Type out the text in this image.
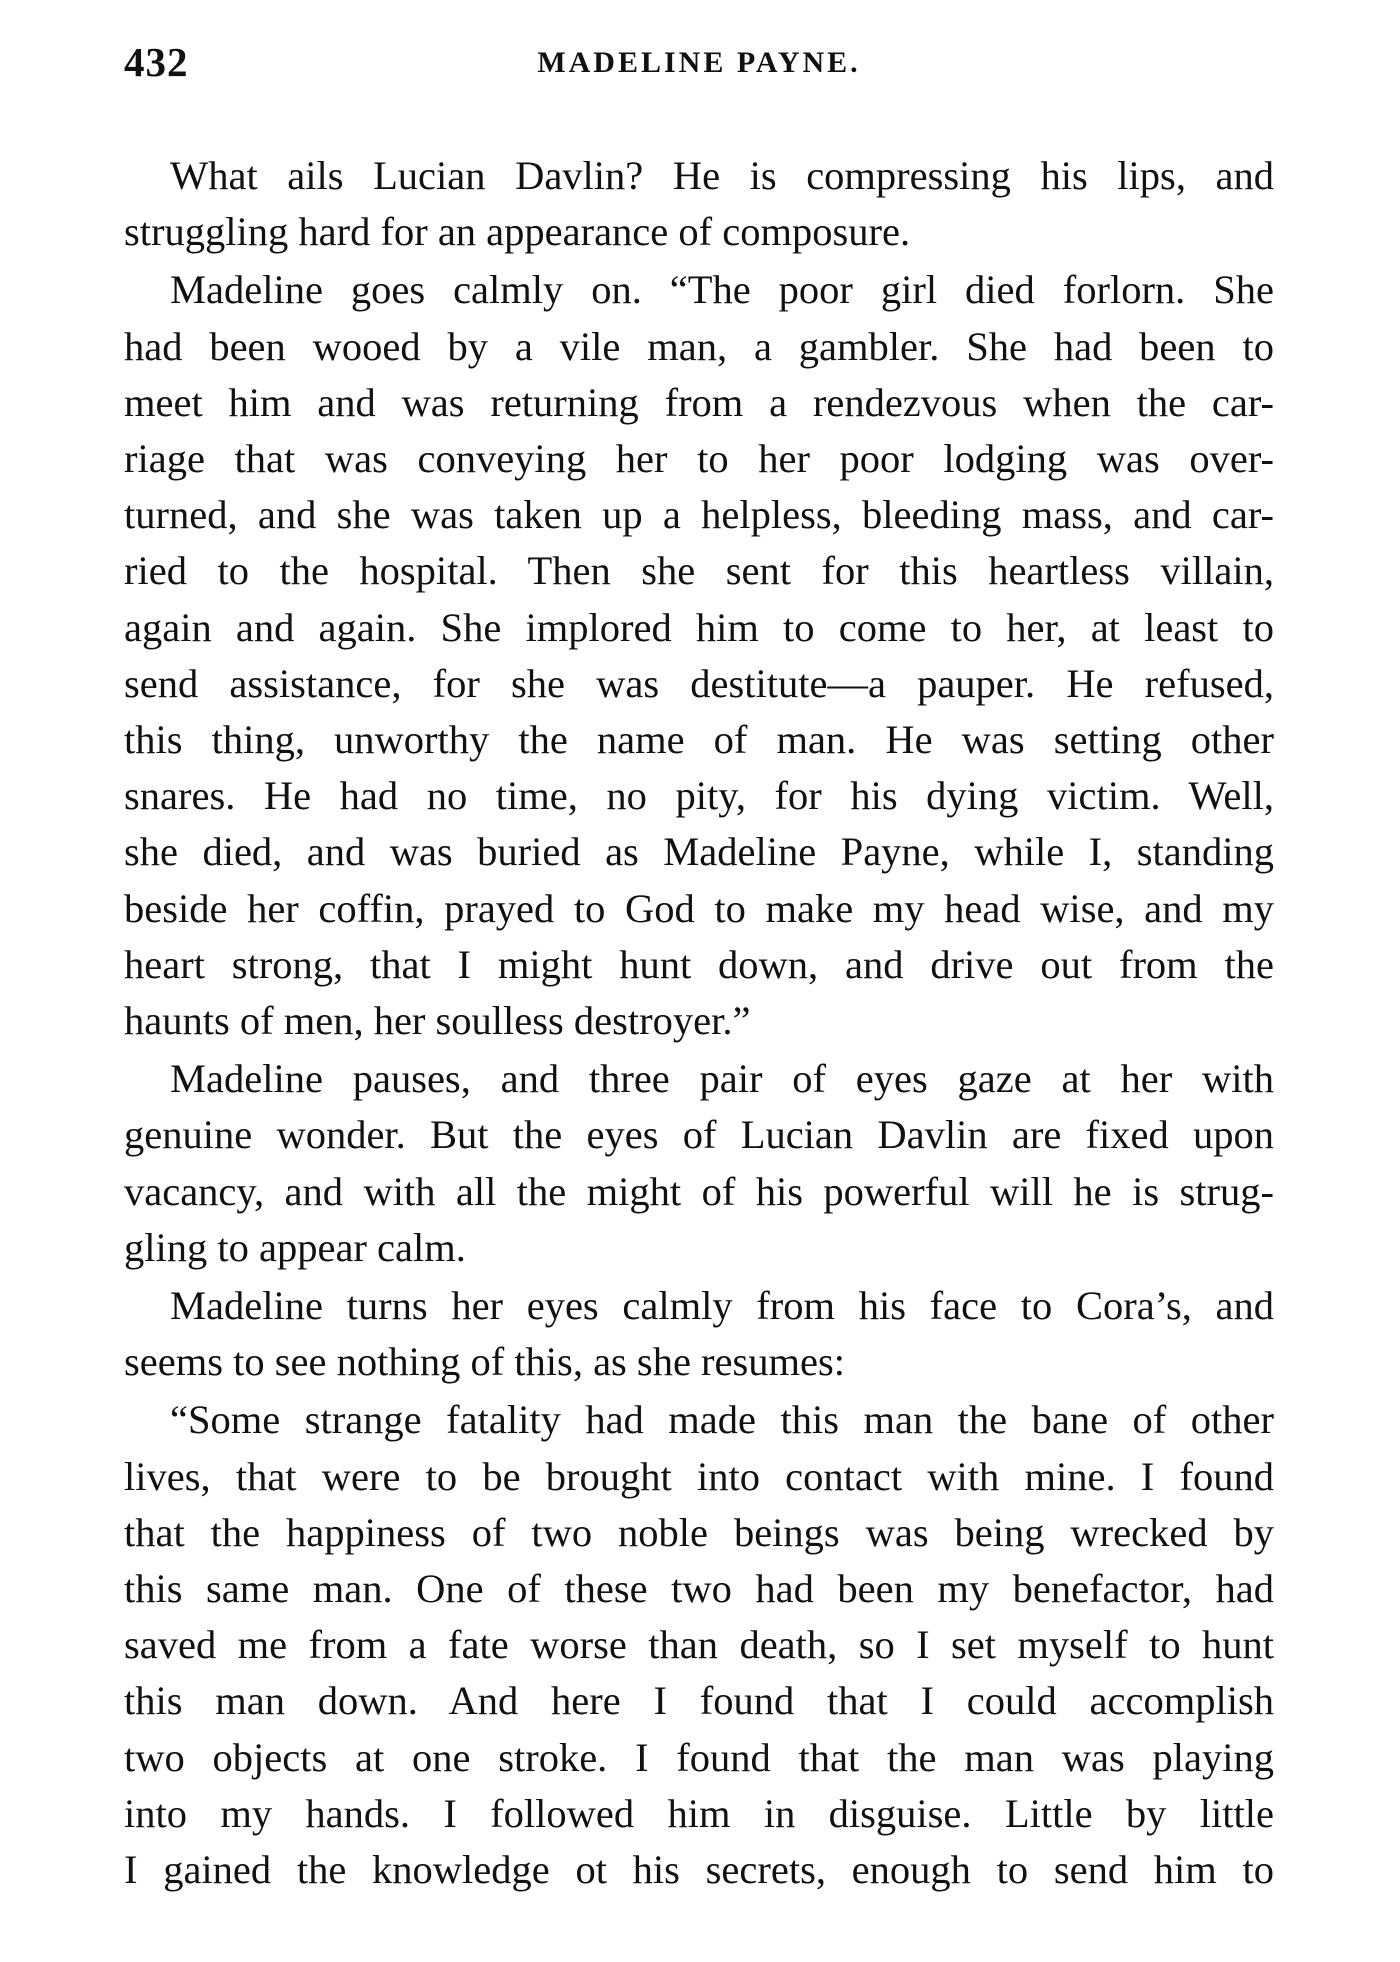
432	MADELINE PAYNE.
What ails Lucian Davlin? He is compressing his lips, and
struggling hard for an appearance of composure.
Madeline goes calmly on. “The poor girl died forlorn. She
had been wooed by a vile man, a gambler. She had been to
meet him and was returning from a rendezvous when the car-
riage that was conveying her to her poor lodging was over-
turned, and she was taken up a helpless, bleeding mass, and car-
ried to the hospital. Then she sent for this heartless villain,
again and again. She implored him to come to her, at least to
send assistance, for she was destitute—a pauper. He refused,
this thing, unworthy the name of man. He was setting other
snares. He had no time, no pity, for his dying victim. Well,
she died, and was buried as Madeline Payne, while I, standing
beside her coffin, prayed to God to make my head wise, and my
heart strong, that I might hunt down, and drive out from the
haunts of men, her soulless destroyer.”
Madeline pauses, and three pair of eyes gaze at her with
genuine wonder. But the eyes of Lucian Davlin are fixed upon
vacancy, and with all the might of his powerful will he is strug-
gling to appear calm.
Madeline turns her eyes calmly from his face to Cora’s, and
seems to see nothing of this, as she resumes:
“Some strange fatality had made this man the bane of other
lives, that were to be brought into contact with mine. I found
that the happiness of two noble beings was being wrecked by
this same man. One of these two had been my benefactor, had
saved me from a fate worse than death, so I set myself to hunt
this man down. And here I found that I could accomplish
two objects at one stroke. I found that the man was playing
into my hands. I followed him in disguise. Little by little
I gained the knowledge ot his secrets, enough to send him to
